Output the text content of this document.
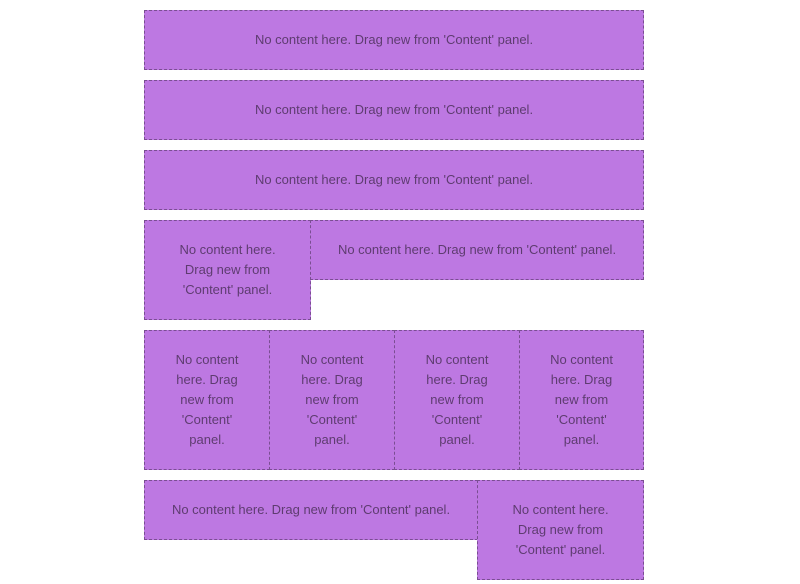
No content here. Drag new from 'Content' panel.
No content here. Drag new from 'Content' panel.
No content here. Drag new from 'Content' panel.
No content here. Drag new from 'Content' panel.
No content here. Drag new from 'Content' panel.
No content here. Drag new from 'Content' panel.
No content here. Drag new from 'Content' panel.
No content here. Drag new from 'Content' panel.
No content here. Drag new from 'Content' panel.
No content here. Drag new from 'Content' panel.	No content here. Drag new from 'Content' panel.
